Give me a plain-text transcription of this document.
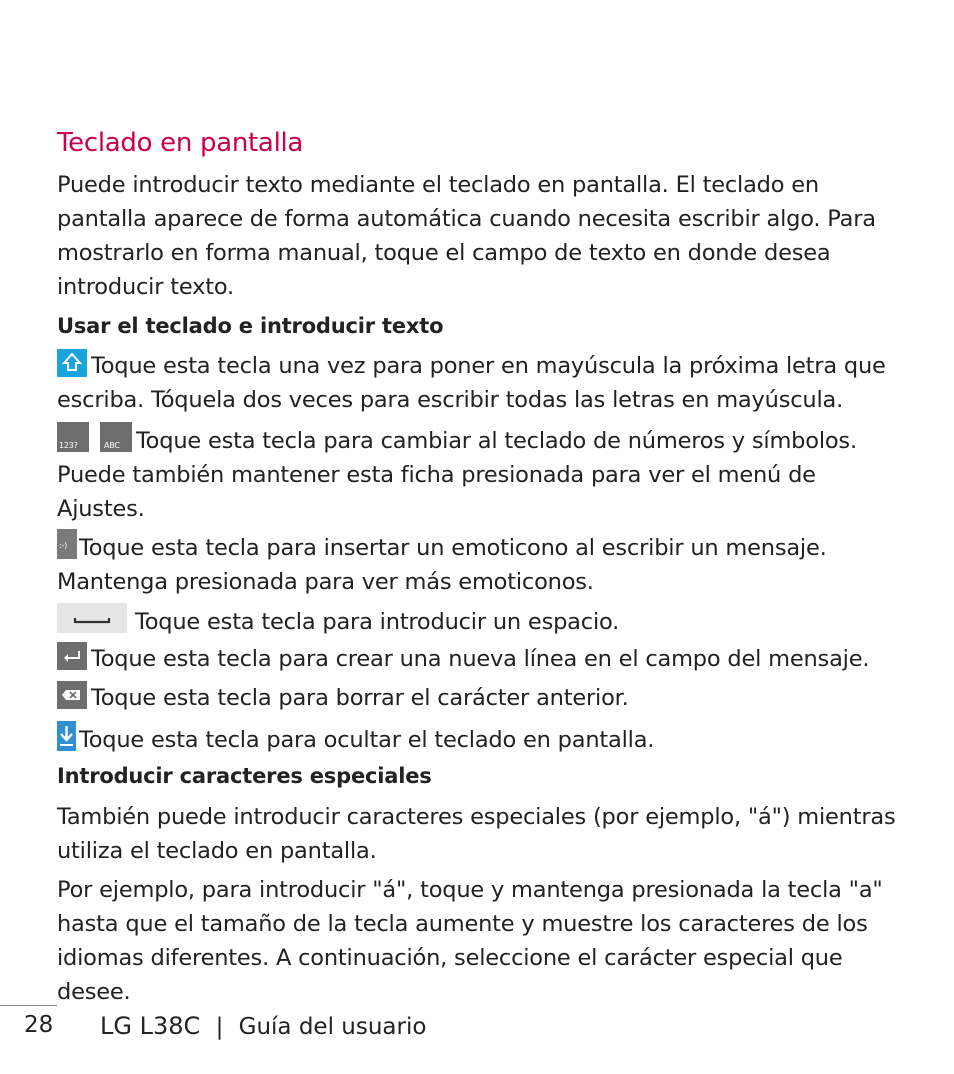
Teclado en pantalla

Puede introducir texto mediante el teclado en pantalla. El teclado en pantalla aparece de forma automática cuando necesita escribir algo. Para mostrarlo en forma manual, toque el campo de texto en donde desea introducir texto.

Usar el teclado e introducir texto

Toque esta tecla una vez para poner en mayúscula la próxima letra que escriba. Tóquela dos veces para escribir todas las letras en mayúscula.

123?
	ABC Toque esta tecla para cambiar al teclado de números y símbolos. Puede también mantener esta ficha presionada para ver el menú de Ajustes.

:-) Toque esta tecla para insertar un emoticono al escribir un mensaje. Mantenga presionada para ver más emoticonos.

Toque esta tecla para introducir un espacio.

Toque esta tecla para crear una nueva línea en el campo del mensaje.

Toque esta tecla para borrar el carácter anterior.

Toque esta tecla para ocultar el teclado en pantalla.

Introducir caracteres especiales

También puede introducir caracteres especiales (por ejemplo, "á") mientras utiliza el teclado en pantalla.

Por ejemplo, para introducir "á", toque y mantenga presionada la tecla "a" hasta que el tamaño de la tecla aumente y muestre los caracteres de los idiomas diferentes. A continuación, seleccione el carácter especial que desee.

28 LG L38C | Guía del usuario
